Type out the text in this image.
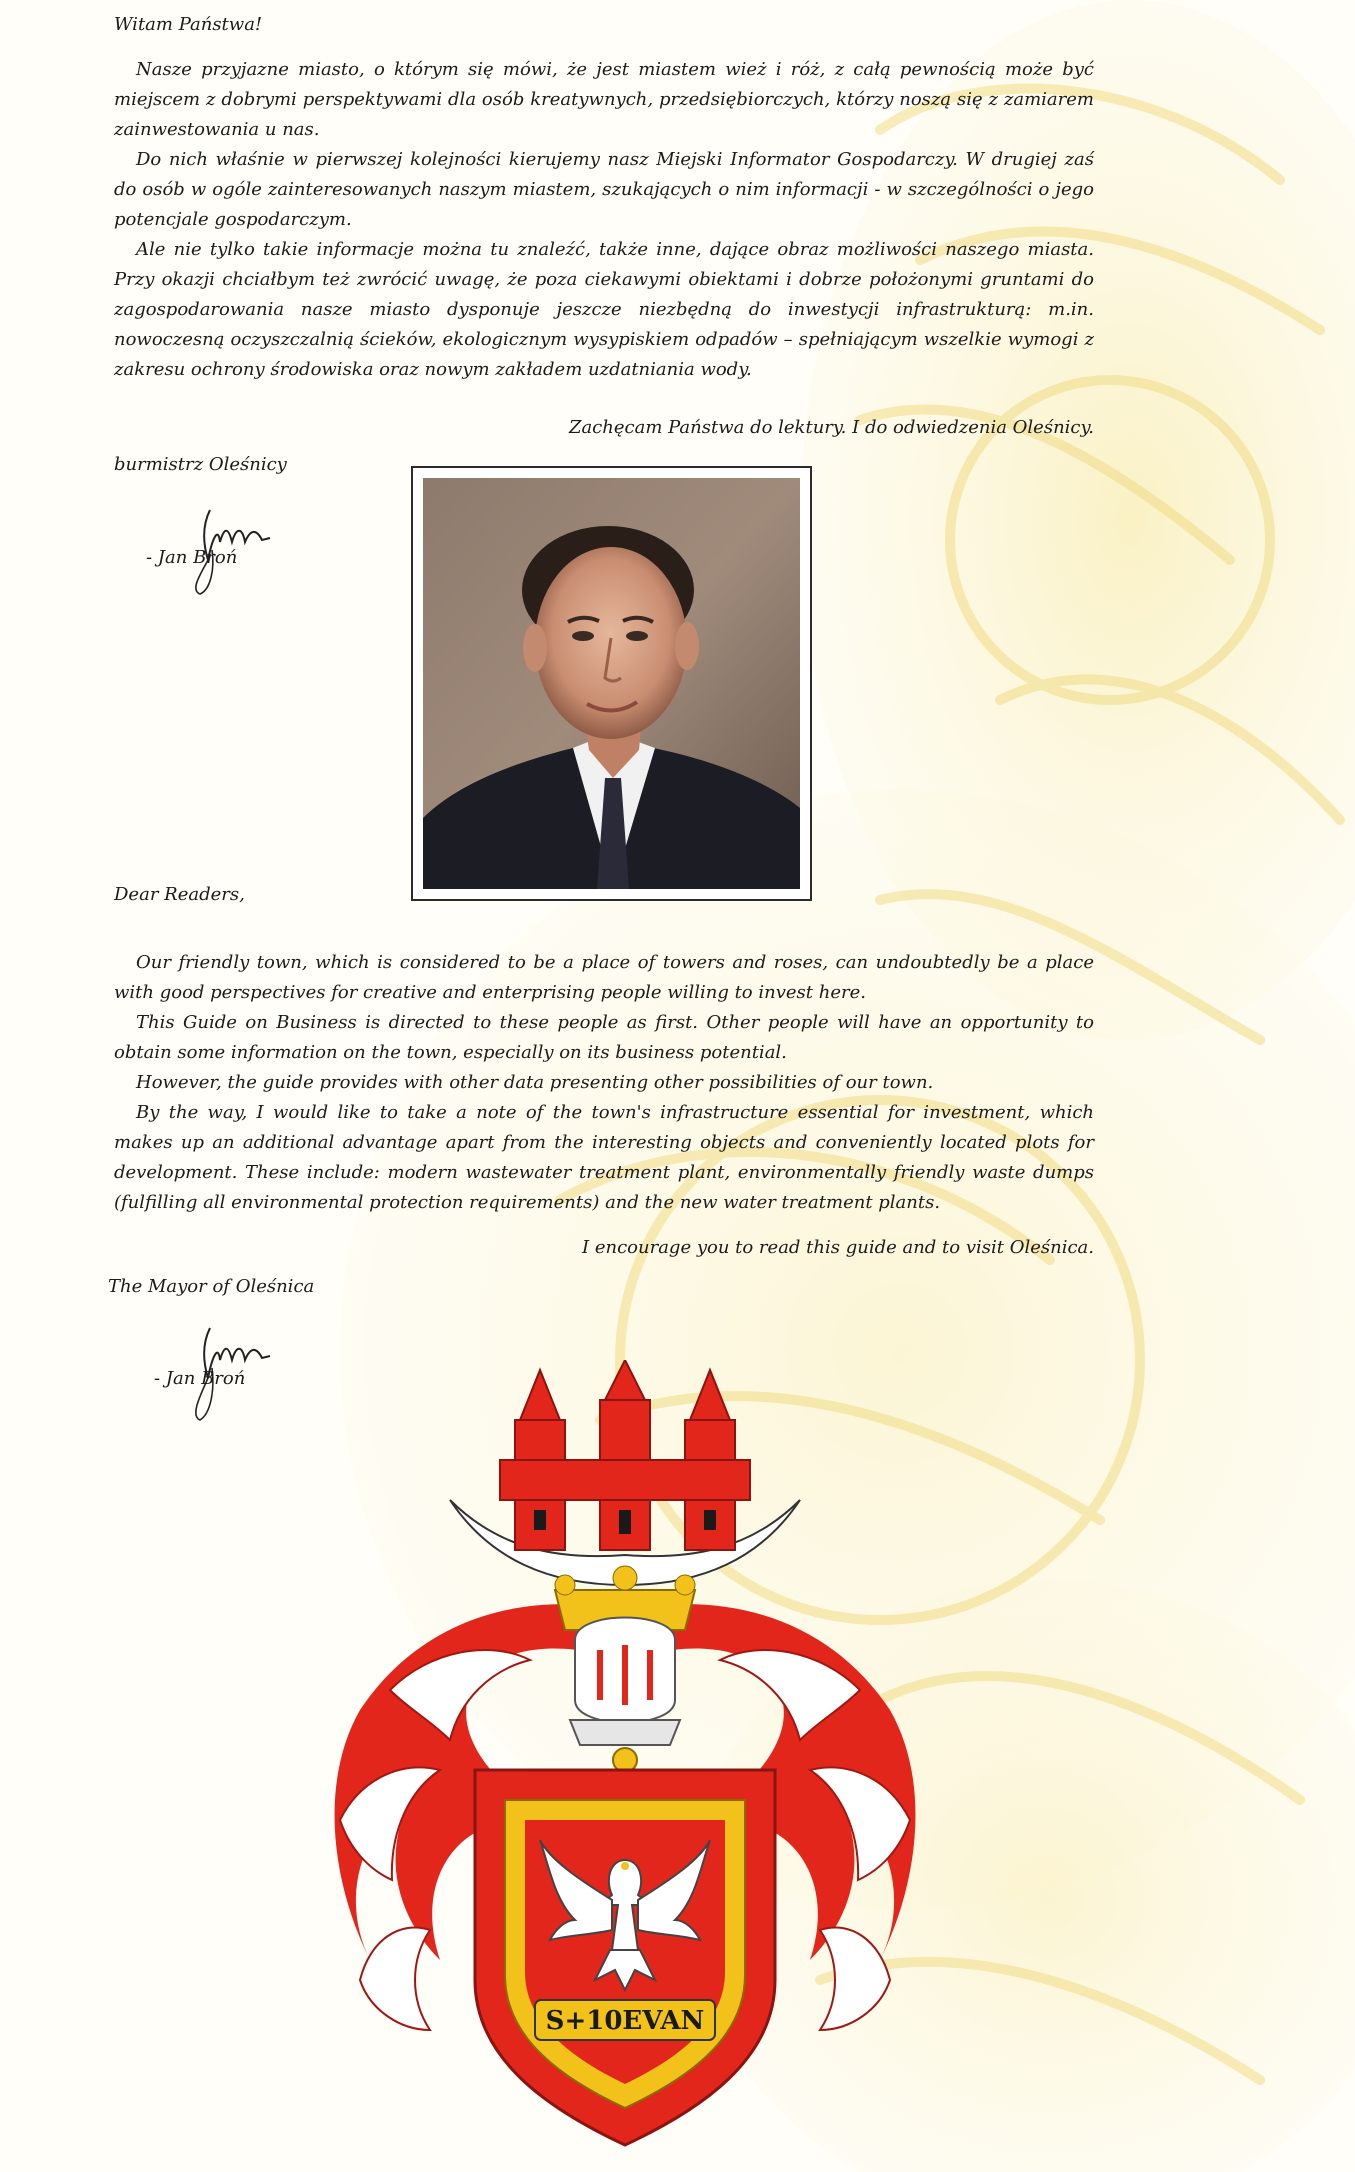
Witam Państwa!

Nasze przyjazne miasto, o którym się mówi, że jest miastem wież i róż, z całą pewnością może być miejscem z dobrymi perspektywami dla osób kreatywnych, przedsiębiorczych, którzy noszą się z zamiarem zainwestowania u nas.

Do nich właśnie w pierwszej kolejności kierujemy nasz Miejski Informator Gospodarczy. W drugiej zaś do osób w ogóle zainteresowanych naszym miastem, szukających o nim informacji - w szczególności o jego potencjale gospodarczym.

Ale nie tylko takie informacje można tu znaleźć, także inne, dające obraz możliwości naszego miasta. Przy okazji chciałbym też zwrócić uwagę, że poza ciekawymi obiektami i dobrze położonymi gruntami do zagospodarowania nasze miasto dysponuje jeszcze niezbędną do inwestycji infrastrukturą: m.in. nowoczesną oczyszczalnią ścieków, ekologicznym wysypiskiem odpadów – spełniającym wszelkie wymogi z zakresu ochrony środowiska oraz nowym zakładem uzdatniania wody.

Zachęcam Państwa do lektury. I do odwiedzenia Oleśnicy.
burmistrz Oleśnicy
- Jan Broń
Dear Readers,

Our friendly town, which is considered to be a place of towers and roses, can undoubtedly be a place with good perspectives for creative and enterprising people willing to invest here.

This Guide on Business is directed to these people as first. Other people will have an opportunity to obtain some information on the town, especially on its business potential.

However, the guide provides with other data presenting other possibilities of our town.

By the way, I would like to take a note of the town's infrastructure essential for investment, which makes up an additional advantage apart from the interesting objects and conveniently located plots for development. These include: modern wastewater treatment plant, environmentally friendly waste dumps (fulfilling all environmental protection requirements) and the new water treatment plants.

I encourage you to read this guide and to visit Oleśnica.
The Mayor of Oleśnica
- Jan Broń
S+10EVAN
